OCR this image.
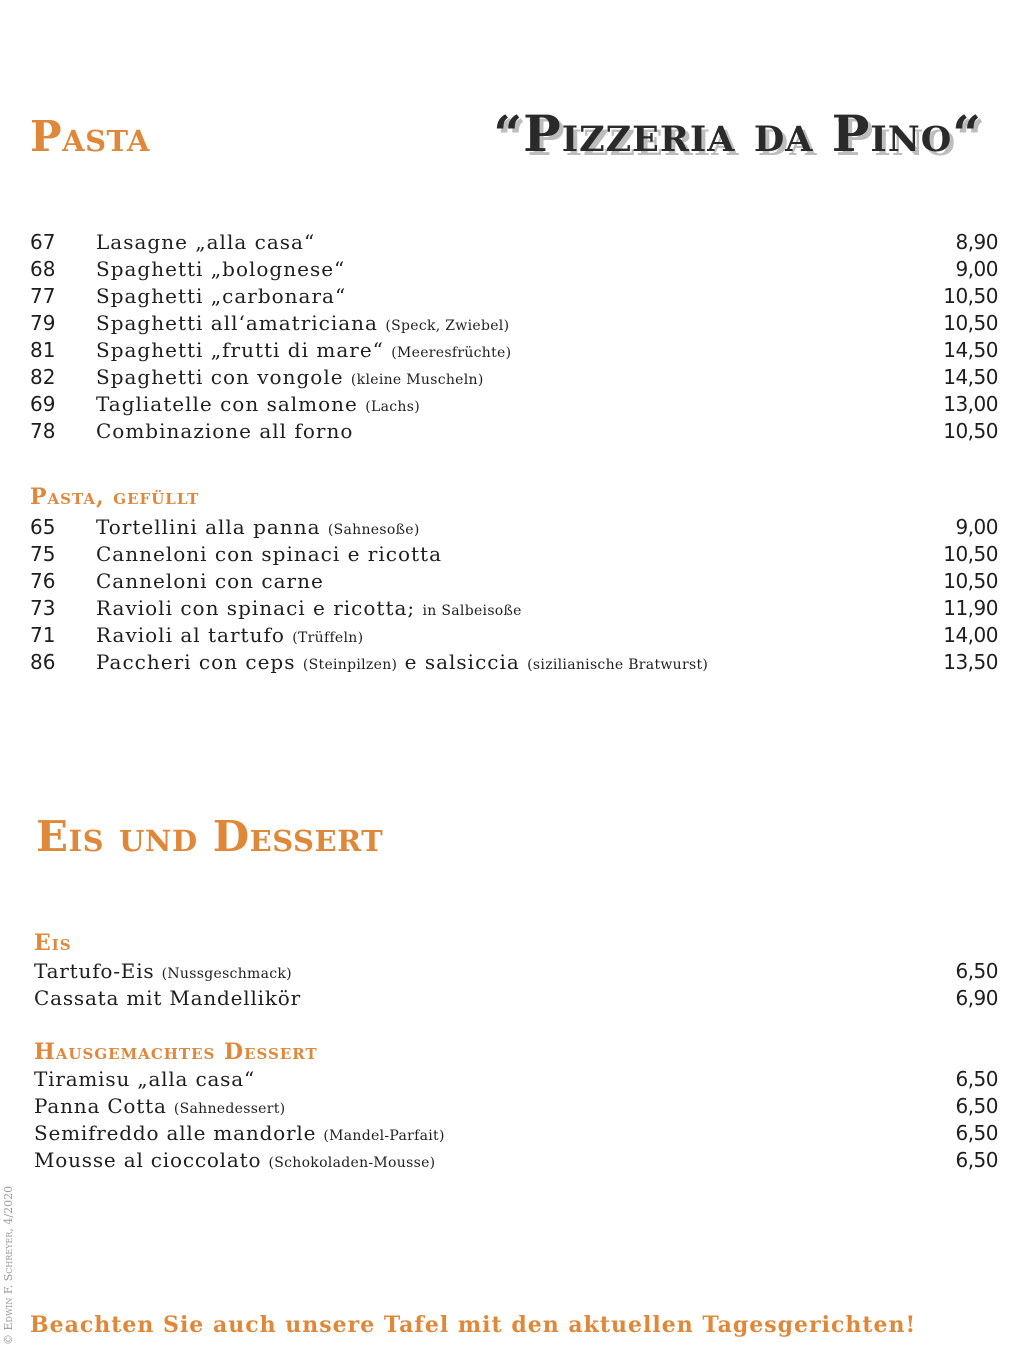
Pasta	“Pizzeria da Pino“
67	Lasagne „alla casa“	8,90
68	Spaghetti „bolognese“	9,00
77	Spaghetti „carbonara“	10,50
79	Spaghetti all‘amatriciana (Speck, Zwiebel)	10,50
81	Spaghetti „frutti di mare“ (Meeresfrüchte)	14,50
82	Spaghetti con vongole (kleine Muscheln)	14,50
69	Tagliatelle con salmone (Lachs)	13,00
78	Combinazione all forno	10,50
Pasta, gefüllt
65	Tortellini alla panna (Sahnesoße)	9,00
75	Canneloni con spinaci e ricotta	10,50
76	Canneloni con carne	10,50
73	Ravioli con spinaci e ricotta; in Salbeisoße	11,90
71	Ravioli al tartufo (Trüffeln)	14,00
86	Paccheri con ceps (Steinpilzen) e salsiccia (sizilianische Bratwurst)	13,50
Eis und Dessert
Eis
Tartufo-Eis (Nussgeschmack)	6,50
Cassata mit Mandellikör	6,90
Hausgemachtes Dessert
Tiramisu „alla casa“	6,50
Panna Cotta (Sahnedessert)	6,50
Semifreddo alle mandorle (Mandel-Parfait)	6,50
Mousse al cioccolato (Schokoladen-Mousse)	6,50
© Edwin F. Schreyer, 4/2020 Beachten Sie auch unsere Tafel mit den aktuellen Tagesgerichten!
